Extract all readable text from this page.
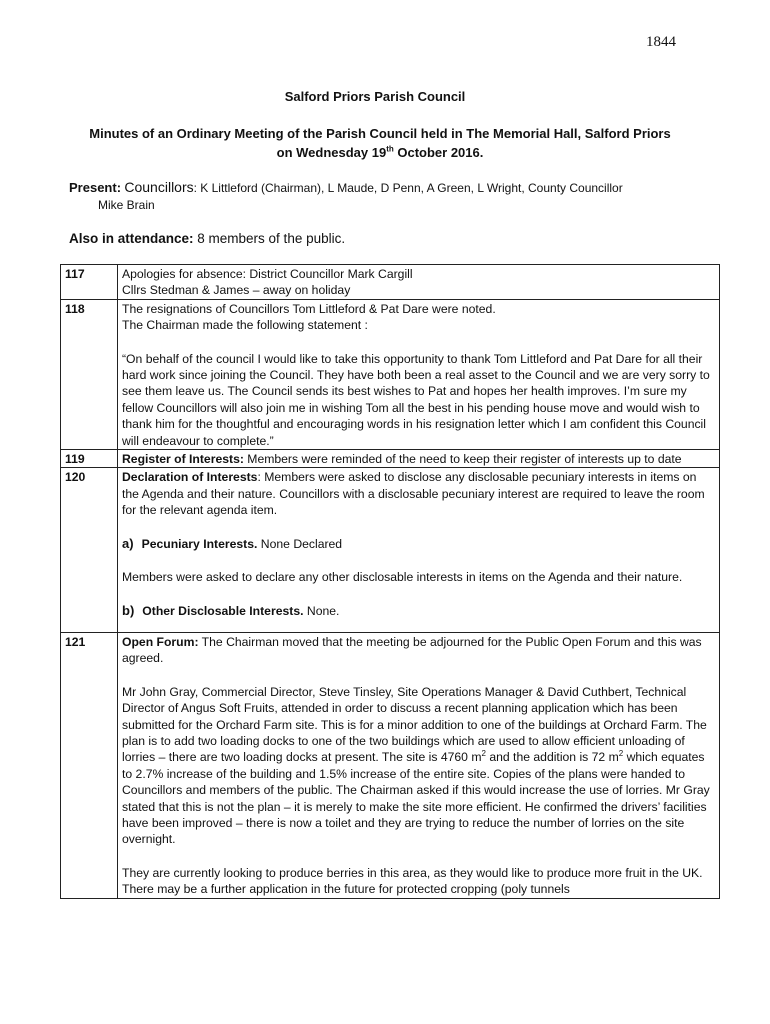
1844
Salford Priors Parish Council
Minutes of an Ordinary Meeting of the Parish Council held in The Memorial Hall, Salford Priors on Wednesday 19th October 2016.
Present: Councillors: K Littleford (Chairman), L Maude, D Penn, A Green, L Wright, County Councillor
Mike Brain
Also in attendance: 8 members of the public.
117	Apologies for absence: District Councillor Mark Cargill

Cllrs Stedman & James – away on holiday

118	The resignations of Councillors Tom Littleford & Pat Dare were noted.

The Chairman made the following statement :

“On behalf of the council I would like to take this opportunity to thank Tom Littleford and Pat Dare for all their hard work since joining the Council. They have both been a real asset to the Council and we are very sorry to see them leave us. The Council sends its best wishes to Pat and hopes her health improves. I’m sure my fellow Councillors will also join me in wishing Tom all the best in his pending house move and would wish to thank him for the thoughtful and encouraging words in his resignation letter which I am confident this Council will endeavour to complete.”

119	Register of Interests: Members were reminded of the need to keep their register of interests up to date

120	Declaration of Interests: Members were asked to disclose any disclosable pecuniary interests in items on the Agenda and their nature. Councillors with a disclosable pecuniary interest are required to leave the room for the relevant agenda item.

a) Pecuniary Interests. None Declared

Members were asked to declare any other disclosable interests in items on the Agenda and their nature.

b) Other Disclosable Interests. None.

121	Open Forum: The Chairman moved that the meeting be adjourned for the Public Open Forum and this was agreed.

Mr John Gray, Commercial Director, Steve Tinsley, Site Operations Manager & David Cuthbert, Technical Director of Angus Soft Fruits, attended in order to discuss a recent planning application which has been submitted for the Orchard Farm site. This is for a minor addition to one of the buildings at Orchard Farm. The plan is to add two loading docks to one of the two buildings which are used to allow efficient unloading of lorries – there are two loading docks at present. The site is 4760 $m^2$ and the addition is 72 $m^2$ which equates to 2.7% increase of the building and 1.5% increase of the entire site. Copies of the plans were handed to Councillors and members of the public. The Chairman asked if this would increase the use of lorries. Mr Gray stated that this is not the plan – it is merely to make the site more efficient. He confirmed the drivers’ facilities have been improved – there is now a toilet and they are trying to reduce the number of lorries on the site overnight.

They are currently looking to produce berries in this area, as they would like to produce more fruit in the UK. There may be a further application in the future for protected cropping (poly tunnels
